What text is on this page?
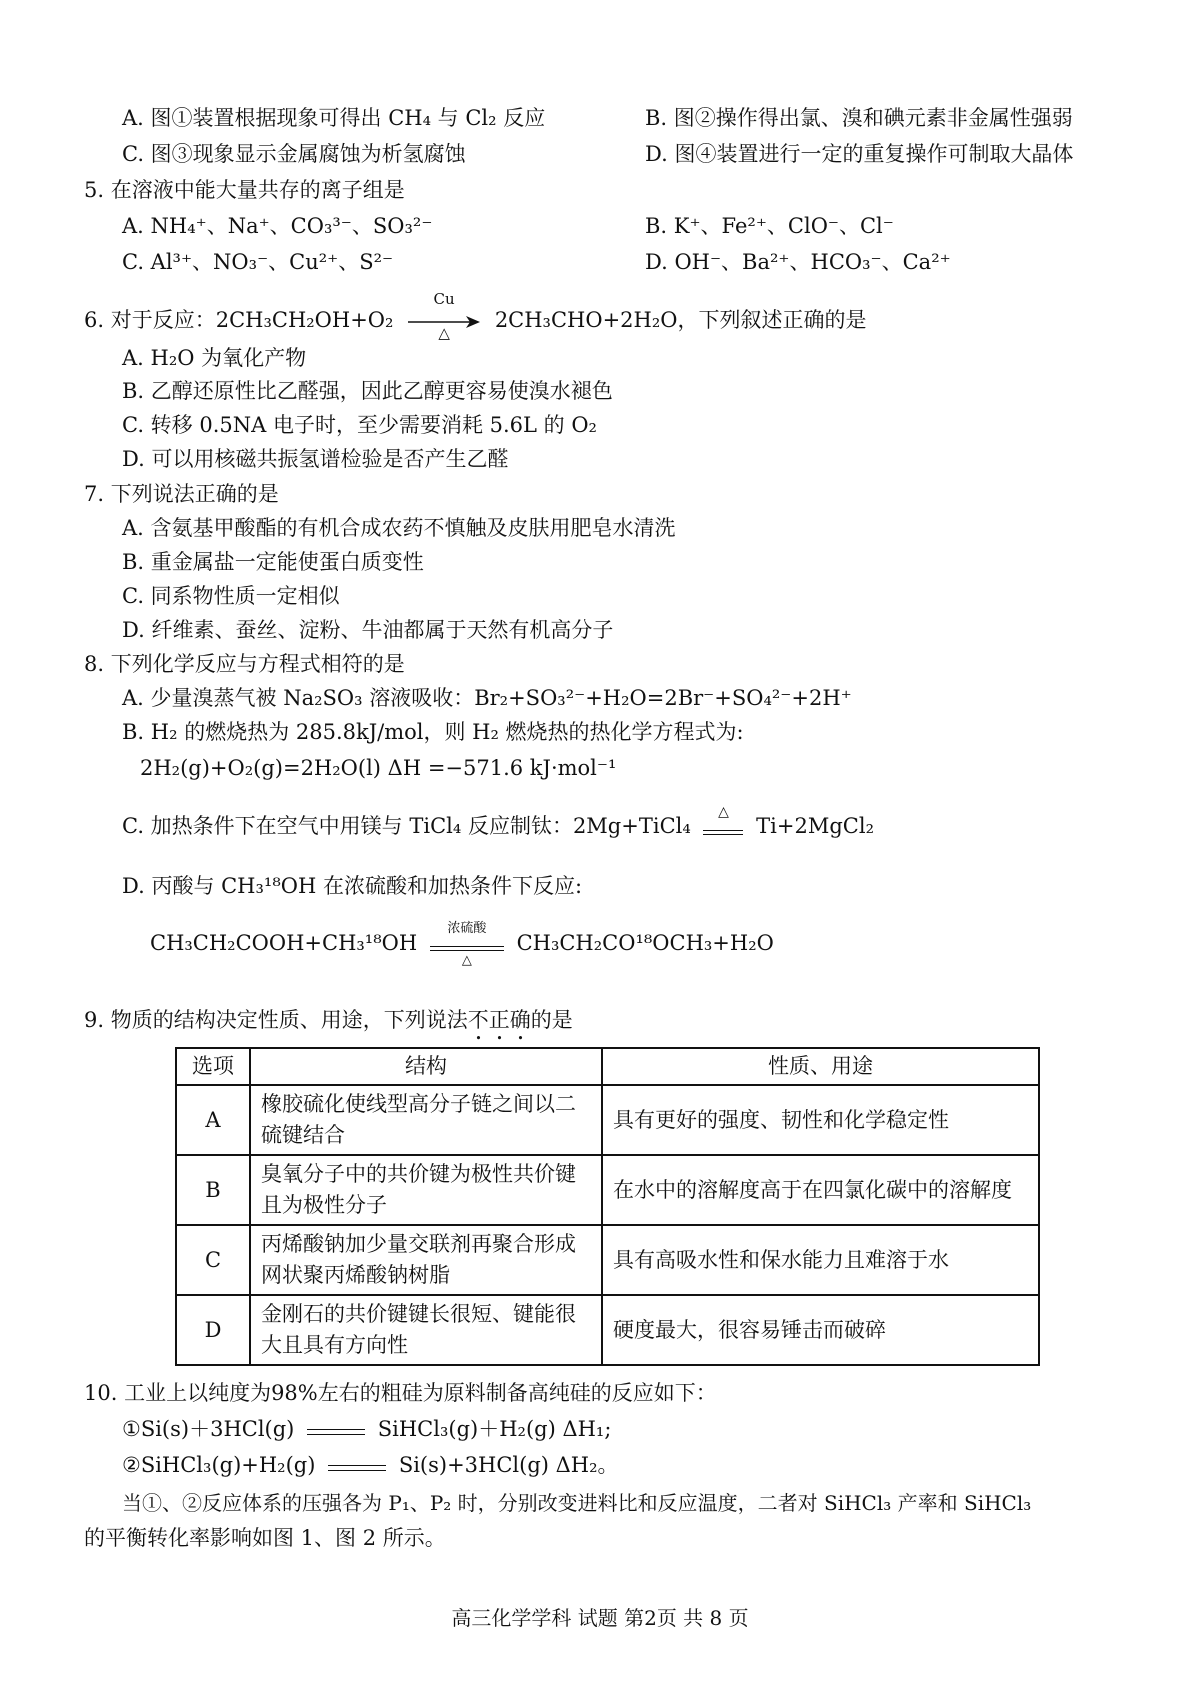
A. 图①装置根据现象可得出 CH₄ 与 Cl₂ 反应	B. 图②操作得出氯、溴和碘元素非金属性强弱
C. 图③现象显示金属腐蚀为析氢腐蚀	D. 图④装置进行一定的重复操作可制取大晶体
5. 在溶液中能大量共存的离子组是
A. NH₄⁺、Na⁺、CO₃³⁻、SO₃²⁻	B. K⁺、Fe²⁺、ClO⁻、Cl⁻
C. Al³⁺、NO₃⁻、Cu²⁺、S²⁻	D. OH⁻、Ba²⁺、HCO₃⁻、Ca²⁺
6. 对于反应：2CH₃CH₂OH+O₂
Cu
△
2CH₃CHO+2H₂O，下列叙述正确的是
A. H₂O 为氧化产物
B. 乙醇还原性比乙醛强，因此乙醇更容易使溴水褪色
C. 转移 0.5NA 电子时，至少需要消耗 5.6L 的 O₂
D. 可以用核磁共振氢谱检验是否产生乙醛
7. 下列说法正确的是
A. 含氨基甲酸酯的有机合成农药不慎触及皮肤用肥皂水清洗
B. 重金属盐一定能使蛋白质变性
C. 同系物性质一定相似
D. 纤维素、蚕丝、淀粉、牛油都属于天然有机高分子
8. 下列化学反应与方程式相符的是
A. 少量溴蒸气被 Na₂SO₃ 溶液吸收：Br₂+SO₃²⁻+H₂O=2Br⁻+SO₄²⁻+2H⁺
B. H₂ 的燃烧热为 285.8kJ/mol，则 H₂ 燃烧热的热化学方程式为:
2H₂(g)+O₂(g)=2H₂O(l) ΔH =−571.6 kJ·mol⁻¹
C. 加热条件下在空气中用镁与 TiCl₄ 反应制钛：2Mg+TiCl₄
△
Ti+2MgCl₂
D. 丙酸与 CH₃¹⁸OH 在浓硫酸和加热条件下反应:
CH₃CH₂COOH+CH₃¹⁸OH
浓硫酸
△
CH₃CH₂CO¹⁸OCH₃+H₂O
9. 物质的结构决定性质、用途，下列说法不正确的是
选项	结构	性质、用途
A	橡胶硫化使线型高分子链之间以二硫键结合	具有更好的强度、韧性和化学稳定性
B	臭氧分子中的共价键为极性共价键且为极性分子	在水中的溶解度高于在四氯化碳中的溶解度
C	丙烯酸钠加少量交联剂再聚合形成网状聚丙烯酸钠树脂	具有高吸水性和保水能力且难溶于水
D	金刚石的共价键键长很短、键能很大且具有方向性	硬度最大，很容易锤击而破碎
10. 工业上以纯度为98%左右的粗硅为原料制备高纯硅的反应如下：
①Si(s)＋3HCl(g)	SiHCl₃(g)＋H₂(g) ΔH₁;
②SiHCl₃(g)+H₂(g)	Si(s)+3HCl(g) ΔH₂。
当①、②反应体系的压强各为 P₁、P₂ 时，分别改变进料比和反应温度，二者对 SiHCl₃ 产率和 SiHCl₃
的平衡转化率影响如图 1、图 2 所示。
高三化学学科 试题 第2页 共 8 页
